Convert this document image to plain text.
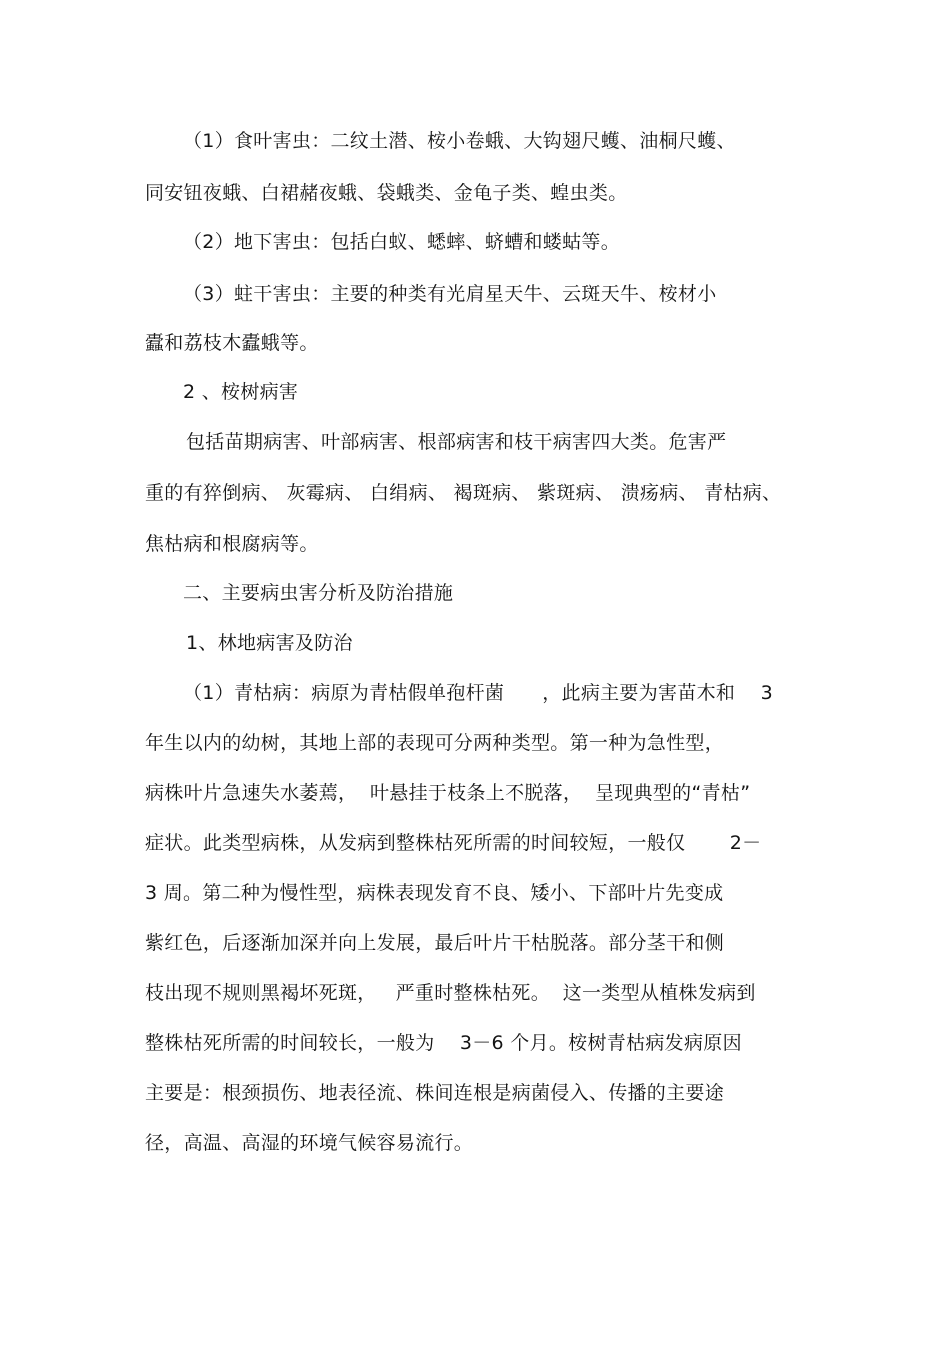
（1）食叶害虫：二纹土潜、桉小卷蛾、大钩翅尺蠖、油桐尺蠖、
同安钮夜蛾、白裙赭夜蛾、袋蛾类、金龟子类、蝗虫类。
（2）地下害虫：包括白蚁、蟋蟀、蛴螬和蝼蛄等。
（3）蛀干害虫：主要的种类有光肩星天牛、云斑天牛、桉材小
蠹和荔枝木蠹蛾等。
2 、桉树病害
包括苗期病害、叶部病害、根部病害和枝干病害四大类。危害严
重的有猝倒病、 灰霉病、 白绢病、 褐斑病、 紫斑病、 溃疡病、 青枯病、
焦枯病和根腐病等。
二、主要病虫害分析及防治措施
1、林地病害及防治
（1）青枯病：病原为青枯假单孢杆菌      ，此病主要为害苗木和    3
年生以内的幼树，其地上部的表现可分两种类型。第一种为急性型，
病株叶片急速失水萎蔫，  叶悬挂于枝条上不脱落，  呈现典型的“青枯”
症状。此类型病株，从发病到整株枯死所需的时间较短，一般仅       2－
3 周。第二种为慢性型，病株表现发育不良、矮小、下部叶片先变成
紫红色，后逐渐加深并向上发展，最后叶片干枯脱落。部分茎干和侧
枝出现不规则黑褐坏死斑，   严重时整株枯死。  这一类型从植株发病到
整株枯死所需的时间较长，一般为    3－6 个月。桉树青枯病发病原因
主要是：根颈损伤、地表径流、株间连根是病菌侵入、传播的主要途
径，高温、高湿的环境气候容易流行。
